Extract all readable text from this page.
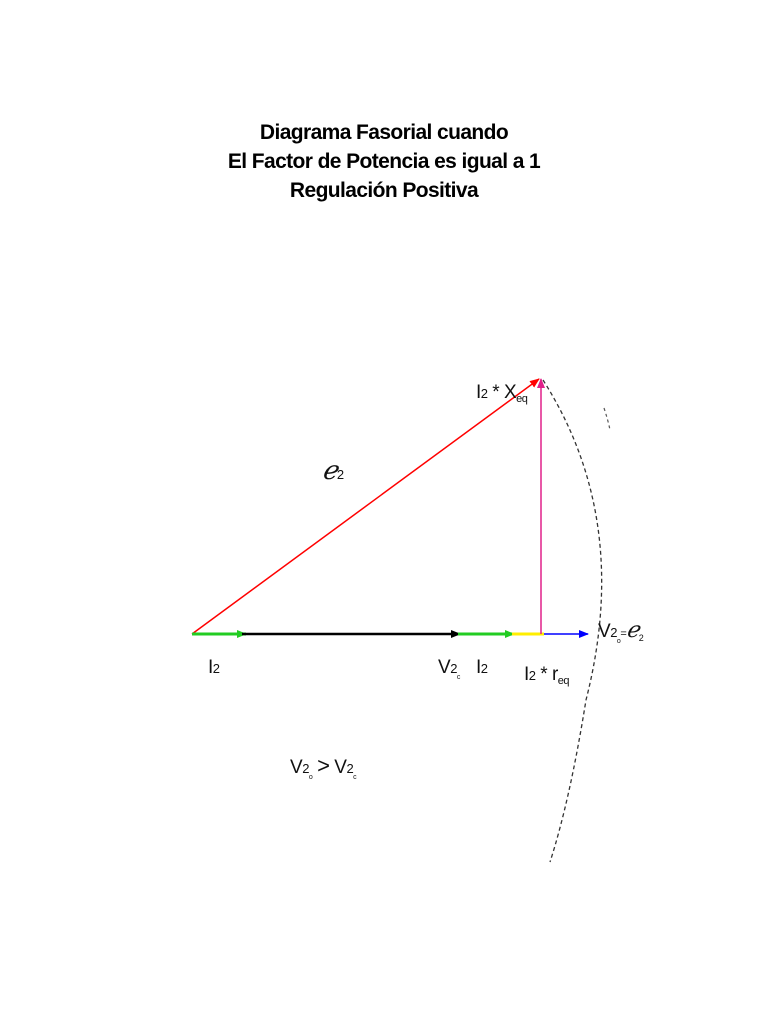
Diagrama Fasorial cuando
El Factor de Potencia es igual a 1
Regulación Positiva
ℯ2
$I2 * X_{eq}$
I2	$V2_c$ I2 $I2 * r_{eq}$
$V2_o=ℯ_2$
$V2_o > V2_c$
